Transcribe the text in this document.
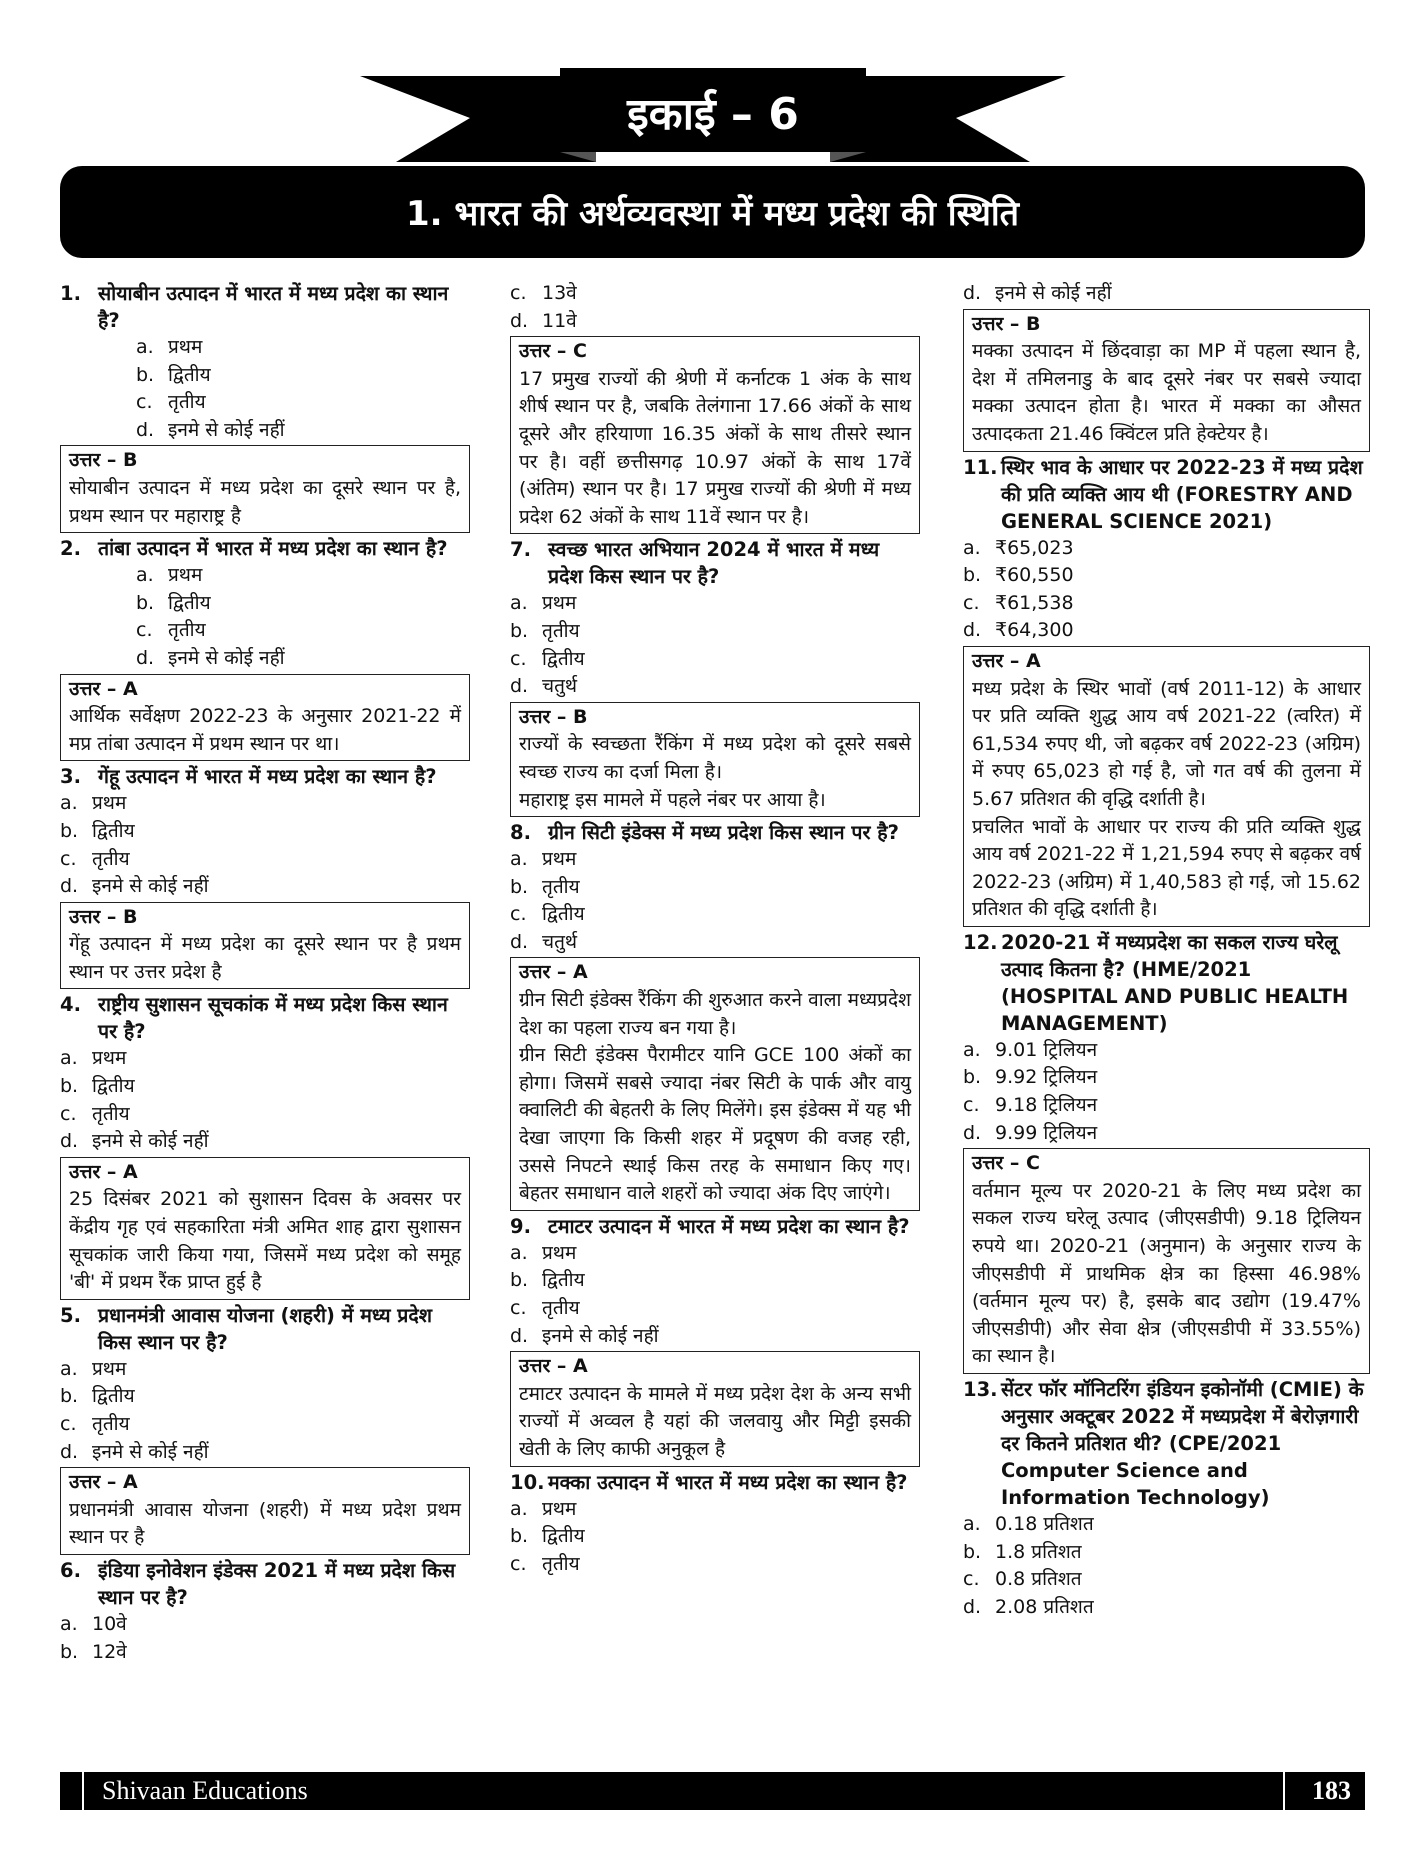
इकाई – 6
1. भारत की अर्थव्यवस्था में मध्य प्रदेश की स्थिति
1. सोयाबीन उत्पादन में भारत में मध्य प्रदेश का स्थान है?
a. प्रथम
b. द्वितीय
c. तृतीय
d. इनमे से कोई नहीं
उत्तर – B

सोयाबीन उत्पादन में मध्य प्रदेश का दूसरे स्थान पर है, प्रथम स्थान पर महाराष्ट्र है

2. तांबा उत्पादन में भारत में मध्य प्रदेश का स्थान है?
a. प्रथम
b. द्वितीय
c. तृतीय
d. इनमे से कोई नहीं
उत्तर – A

आर्थिक सर्वेक्षण 2022-23 के अनुसार 2021-22 में मप्र तांबा उत्पादन में प्रथम स्थान पर था।

3. गेंहू उत्पादन में भारत में मध्य प्रदेश का स्थान है?
a. प्रथम
b. द्वितीय
c. तृतीय
d. इनमे से कोई नहीं
उत्तर – B

गेंहू उत्पादन में मध्य प्रदेश का दूसरे स्थान पर है प्रथम स्थान पर उत्तर प्रदेश है

4. राष्ट्रीय सुशासन सूचकांक में मध्य प्रदेश किस स्थान पर है?
a. प्रथम
b. द्वितीय
c. तृतीय
d. इनमे से कोई नहीं
उत्तर – A

25 दिसंबर 2021 को सुशासन दिवस के अवसर पर केंद्रीय गृह एवं सहकारिता मंत्री अमित शाह द्वारा सुशासन सूचकांक जारी किया गया, जिसमें मध्य प्रदेश को समूह 'बी' में प्रथम रैंक प्राप्त हुई है

5. प्रधानमंत्री आवास योजना (शहरी) में मध्य प्रदेश किस स्थान पर है?
a. प्रथम
b. द्वितीय
c. तृतीय
d. इनमे से कोई नहीं
उत्तर – A

प्रधानमंत्री आवास योजना (शहरी) में मध्य प्रदेश प्रथम स्थान पर है

6. इंडिया इनोवेशन इंडेक्स 2021 में मध्य प्रदेश किस स्थान पर है?
a. 10वे
b. 12वे
c. 13वे
d. 11वे
उत्तर – C

17 प्रमुख राज्यों की श्रेणी में कर्नाटक 1 अंक के साथ शीर्ष स्थान पर है, जबकि तेलंगाना 17.66 अंकों के साथ दूसरे और हरियाणा 16.35 अंकों के साथ तीसरे स्थान पर है। वहीं छत्तीसगढ़ 10.97 अंकों के साथ 17वें (अंतिम) स्थान पर है। 17 प्रमुख राज्यों की श्रेणी में मध्य प्रदेश 62 अंकों के साथ 11वें स्थान पर है।

7. स्वच्छ भारत अभियान 2024 में भारत में मध्य प्रदेश किस स्थान पर है?
a. प्रथम
b. तृतीय
c. द्वितीय
d. चतुर्थ
उत्तर – B

राज्यों के स्वच्छता रैंकिंग में मध्य प्रदेश को दूसरे सबसे स्वच्छ राज्य का दर्जा मिला है।

महाराष्ट्र इस मामले में पहले नंबर पर आया है।

8. ग्रीन सिटी इंडेक्स में मध्य प्रदेश किस स्थान पर है?
a. प्रथम
b. तृतीय
c. द्वितीय
d. चतुर्थ
उत्तर – A

ग्रीन सिटी इंडेक्स रैंकिंग की शुरुआत करने वाला मध्यप्रदेश देश का पहला राज्य बन गया है।

ग्रीन सिटी इंडेक्स पैरामीटर यानि GCE 100 अंकों का होगा। जिसमें सबसे ज्यादा नंबर सिटी के पार्क और वायु क्वालिटी की बेहतरी के लिए मिलेंगे। इस इंडेक्स में यह भी देखा जाएगा कि किसी शहर में प्रदूषण की वजह रही, उससे निपटने स्थाई किस तरह के समाधान किए गए। बेहतर समाधान वाले शहरों को ज्यादा अंक दिए जाएंगे।

9. टमाटर उत्पादन में भारत में मध्य प्रदेश का स्थान है?
a. प्रथम
b. द्वितीय
c. तृतीय
d. इनमे से कोई नहीं
उत्तर – A

टमाटर उत्पादन के मामले में मध्य प्रदेश देश के अन्य सभी राज्यों में अव्वल है यहां की जलवायु और मिट्टी इसकी खेती के लिए काफी अनुकूल है

10. मक्का उत्पादन में भारत में मध्य प्रदेश का स्थान है?
a. प्रथम
b. द्वितीय
c. तृतीय
d. इनमे से कोई नहीं
उत्तर – B

मक्का उत्पादन में छिंदवाड़ा का MP में पहला स्थान है, देश में तमिलनाडु के बाद दूसरे नंबर पर सबसे ज्यादा मक्का उत्पादन होता है। भारत में मक्का का औसत उत्पादकता 21.46 क्विंटल प्रति हेक्टेयर है।

11. स्थिर भाव के आधार पर 2022-23 में मध्य प्रदेश की प्रति व्यक्ति आय थी (FORESTRY AND GENERAL SCIENCE 2021)
a. ₹65,023
b. ₹60,550
c. ₹61,538
d. ₹64,300
उत्तर – A

मध्य प्रदेश के स्थिर भावों (वर्ष 2011-12) के आधार पर प्रति व्यक्ति शुद्ध आय वर्ष 2021-22 (त्वरित) में 61,534 रुपए थी, जो बढ़कर वर्ष 2022-23 (अग्रिम) में रुपए 65,023 हो गई है, जो गत वर्ष की तुलना में 5.67 प्रतिशत की वृद्धि दर्शाती है।

प्रचलित भावों के आधार पर राज्य की प्रति व्यक्ति शुद्ध आय वर्ष 2021-22 में 1,21,594 रुपए से बढ़कर वर्ष 2022-23 (अग्रिम) में 1,40,583 हो गई, जो 15.62 प्रतिशत की वृद्धि दर्शाती है।

12. 2020-21 में मध्यप्रदेश का सकल राज्य घरेलू उत्पाद कितना है? (HME/2021 (HOSPITAL AND PUBLIC HEALTH MANAGEMENT)
a. 9.01 ट्रिलियन
b. 9.92 ट्रिलियन
c. 9.18 ट्रिलियन
d. 9.99 ट्रिलियन
उत्तर – C

वर्तमान मूल्य पर 2020-21 के लिए मध्य प्रदेश का सकल राज्य घरेलू उत्पाद (जीएसडीपी) 9.18 ट्रिलियन रुपये था। 2020-21 (अनुमान) के अनुसार राज्य के जीएसडीपी में प्राथमिक क्षेत्र का हिस्सा 46.98% (वर्तमान मूल्य पर) है, इसके बाद उद्योग (19.47% जीएसडीपी) और सेवा क्षेत्र (जीएसडीपी में 33.55%) का स्थान है।

13. सेंटर फॉर मॉनिटरिंग इंडियन इकोनॉमी (CMIE) के अनुसार अक्टूबर 2022 में मध्यप्रदेश में बेरोज़गारी दर कितने प्रतिशत थी? (CPE/2021 Computer Science and Information Technology)
a. 0.18 प्रतिशत
b. 1.8 प्रतिशत
c. 0.8 प्रतिशत
d. 2.08 प्रतिशत
Shivaan Educations	183
